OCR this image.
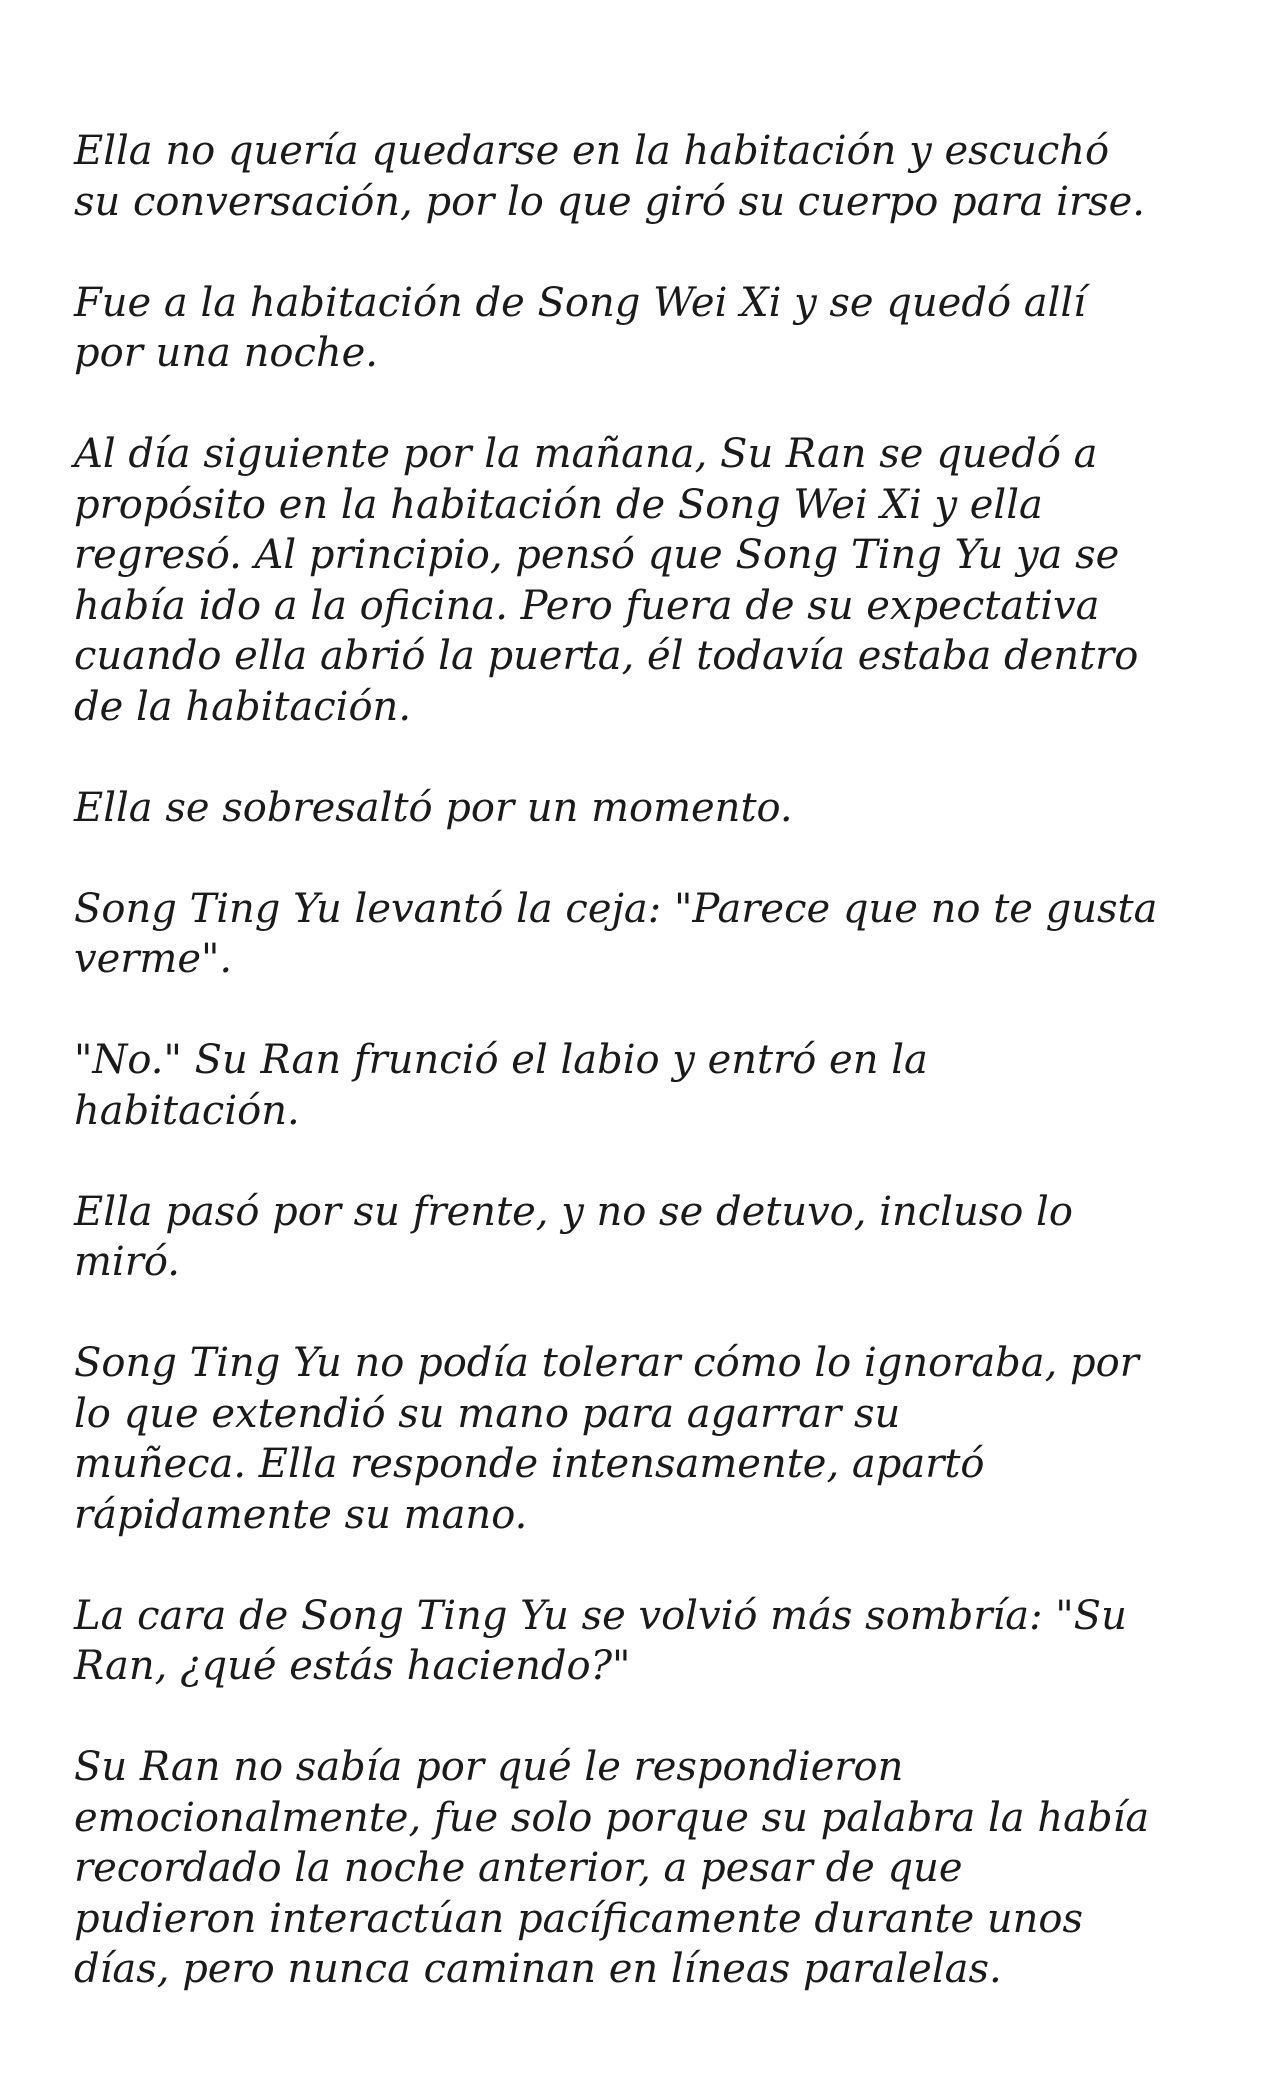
Ella no quería quedarse en la habitación y escuchó
su conversación, por lo que giró su cuerpo para irse.

Fue a la habitación de Song Wei Xi y se quedó allí
por una noche.

Al día siguiente por la mañana, Su Ran se quedó a
propósito en la habitación de Song Wei Xi y ella
regresó. Al principio, pensó que Song Ting Yu ya se
había ido a la oficina. Pero fuera de su expectativa
cuando ella abrió la puerta, él todavía estaba dentro
de la habitación.

Ella se sobresaltó por un momento.

Song Ting Yu levantó la ceja: "Parece que no te gusta
verme".

"No." Su Ran frunció el labio y entró en la
habitación.

Ella pasó por su frente, y no se detuvo, incluso lo
miró.

Song Ting Yu no podía tolerar cómo lo ignoraba, por
lo que extendió su mano para agarrar su
muñeca. Ella responde intensamente, apartó
rápidamente su mano.

La cara de Song Ting Yu se volvió más sombría: "Su
Ran, ¿qué estás haciendo?"

Su Ran no sabía por qué le respondieron
emocionalmente, fue solo porque su palabra la había
recordado la noche anterior, a pesar de que
pudieron interactúan pacíficamente durante unos
días, pero nunca caminan en líneas paralelas.
